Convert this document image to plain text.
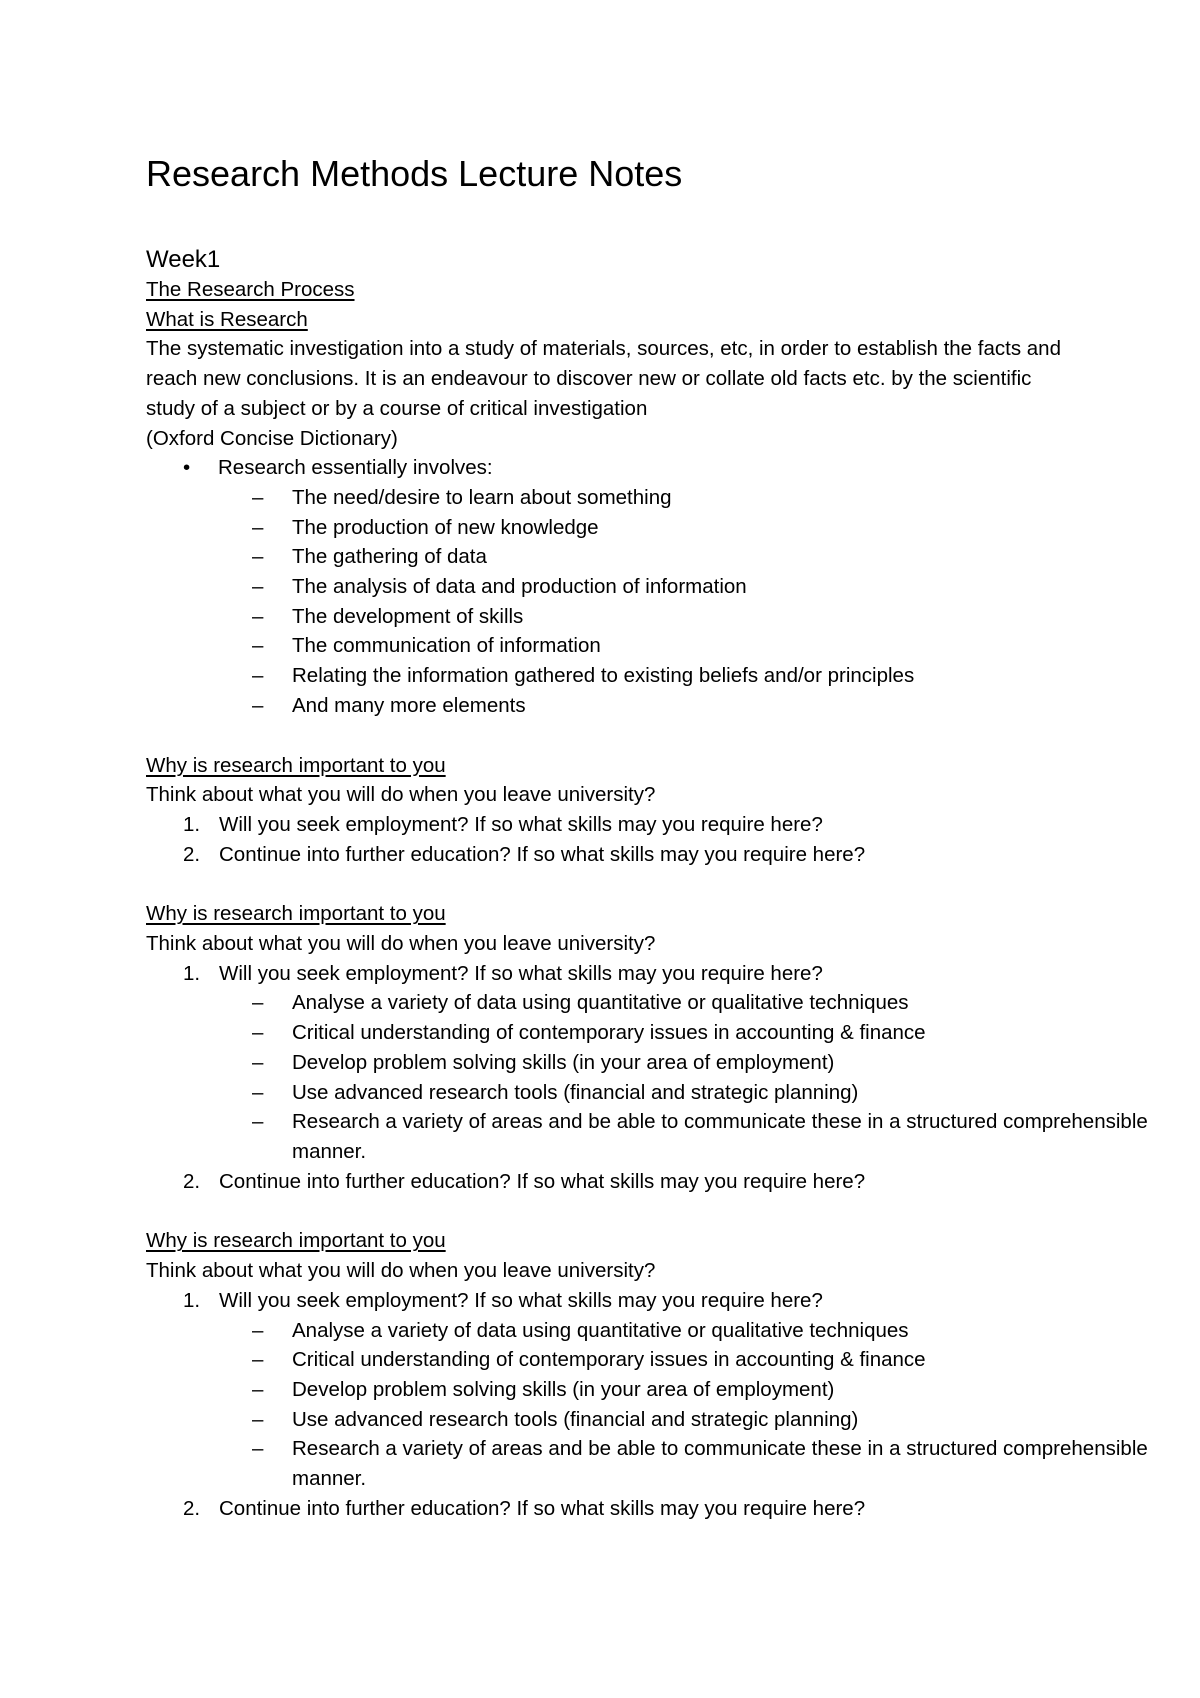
Research Methods Lecture Notes
Week1
The Research Process
What is Research
The systematic investigation into a study of materials, sources, etc, in order to establish the facts and reach new conclusions. It is an endeavour to discover new or collate old facts etc. by the scientific study of a subject or by a course of critical investigation
(Oxford Concise Dictionary)
• Research essentially involves:
– The need/desire to learn about something
– The production of new knowledge
– The gathering of data
– The analysis of data and production of information
– The development of skills
– The communication of information
– Relating the information gathered to existing beliefs and/or principles
– And many more elements
Why is research important to you
Think about what you will do when you leave university?
1. Will you seek employment? If so what skills may you require here?
2. Continue into further education? If so what skills may you require here?
Why is research important to you
Think about what you will do when you leave university?
1. Will you seek employment? If so what skills may you require here?
– Analyse a variety of data using quantitative or qualitative techniques
– Critical understanding of contemporary issues in accounting & finance
– Develop problem solving skills (in your area of employment)
– Use advanced research tools (financial and strategic planning)
– Research a variety of areas and be able to communicate these in a structured comprehensible manner.
2. Continue into further education? If so what skills may you require here?
Why is research important to you
Think about what you will do when you leave university?
1. Will you seek employment? If so what skills may you require here?
– Analyse a variety of data using quantitative or qualitative techniques
– Critical understanding of contemporary issues in accounting & finance
– Develop problem solving skills (in your area of employment)
– Use advanced research tools (financial and strategic planning)
– Research a variety of areas and be able to communicate these in a structured comprehensible manner.
2. Continue into further education? If so what skills may you require here?
